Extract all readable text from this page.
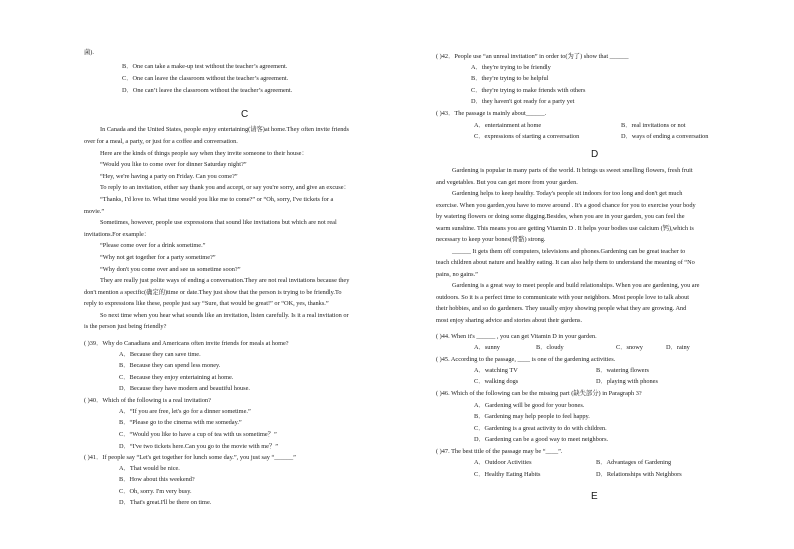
菌).
B．One can take a make-up test without the teacher’s agreement.
C．One can leave the classroom without the teacher’s agreement.
D．One can’t leave the classroom without the teacher’s agreement.
C
In Canada and the United States, people enjoy entertaining(请客)at home.They often invite friends
over for a meal, a party, or just for a coffee and conversation.
Here are the kinds of things people say when they invite someone to their house：
“Would you like to come over for dinner Saturday night?”
“Hey, we're having a party on Friday. Can you come?”
To reply to an invitation, either say thank you and accept, or say you're sorry, and give an excuse：
“Thanks, I'd love to. What time would you like me to come?” or “Oh, sorry, I've tickets for a
movie.”
Sometimes, however, people use expressions that sound like invitations but which are not real
invitations.For example：
“Please come over for a drink sometime.”
“Why not get together for a party sometime?”
“Why don't you come over and see us sometime soon?”
They are really just polite ways of ending a conversation.They are not real invitations because they
don't mention a specific(确定的)time or date.They just show that the person is trying to be friendly.To
reply to expressions like these, people just say “Sure, that would be great!” or “OK, yes, thanks.”
So next time when you hear what sounds like an invitation, listen carefully. Is it a real invitation or
is the person just being friendly?
( )39．Why do Canadians and Americans often invite friends for meals at home?
A．Because they can save time.
B．Because they can spend less money.
C．Because they enjoy entertaining at home.
D．Because they have modern and beautiful house.
( )40．Which of the following is a real invitation?
A．“If you are free, let's go for a dinner sometime.”
B．“Please go to the cinema with me someday.”
C．“Would you like to have a cup of tea with us sometime？”
D．“I've two tickets here.Can you go to the movie with me？”
( )41．If people say “Let's get together for lunch some day.”, you just say “______”
A．That would be nice.
B．How about this weekend?
C．Oh, sorry. I'm very busy.
D．That's great.I'll be there on time.
( )42．People use “an unreal invitation” in order to(为了) show that ______
A．they're trying to be friendly
B．they're trying to be helpful
C．they're trying to make friends with others
D．they haven't got ready for a party yet
( )43．The passage is mainly about______.
A．entertainment at home	B．real invitations or not
C．expressions of starting a conversation	D．ways of ending a conversation
D
Gardening is popular in many parts of the world. It brings us sweet smelling flowers, fresh fruit
and vegetables. But you can get more from your garden.
Gardening helps to keep healthy. Today's people sit indoors for too long and don't get much
exercise. When you garden,you have to move around . It's a good chance for you to exercise your body
by watering flowers or doing some digging.Besides, when you are in your garden, you can feel the
warm sunshine. This means you are getting Vitamin D . It helps your bodies use calcium (钙),which is
necessary to keep your bones(骨骼) strong.
______ It gets them off computers, televisions and phones.Gardening can be great teacher to
teach children about nature and healthy eating. It can also help them to understand the meaning of “No
pains, no gains.”
Gardening is a great way to meet people and build relationships. When you are gardening, you are
outdoors. So it is a perfect time to communicate with your neighbors. Most people love to talk about
their hobbies, and so do gardeners. They usually enjoy showing people what they are growing. And
most enjoy sharing advice and stories about their gardens.
( )44. When it's ______ , you can get Vitamin D in your garden.
A．sunny	B．cloudy	C．snowy	D．rainy
( )45. According to the passage, ____ is one of the gardening activities.
A．watching TV	B．watering flowers
C．walking dogs	D．playing with phones
( )46. Which of the following can be the missing part (缺失部分) in Paragraph 3?
A．Gardening will be good for your bones.
B．Gardening may help people to feel happy.
C．Gardening is a great activity to do with children.
D．Gardening can be a good way to meet neighbors.
( )47. The best title of the passage may be “____”.
A．Outdoor Activities	B．Advantages of Gardening
C．Healthy Eating Habits	D．Relationships with Neighbors
E
